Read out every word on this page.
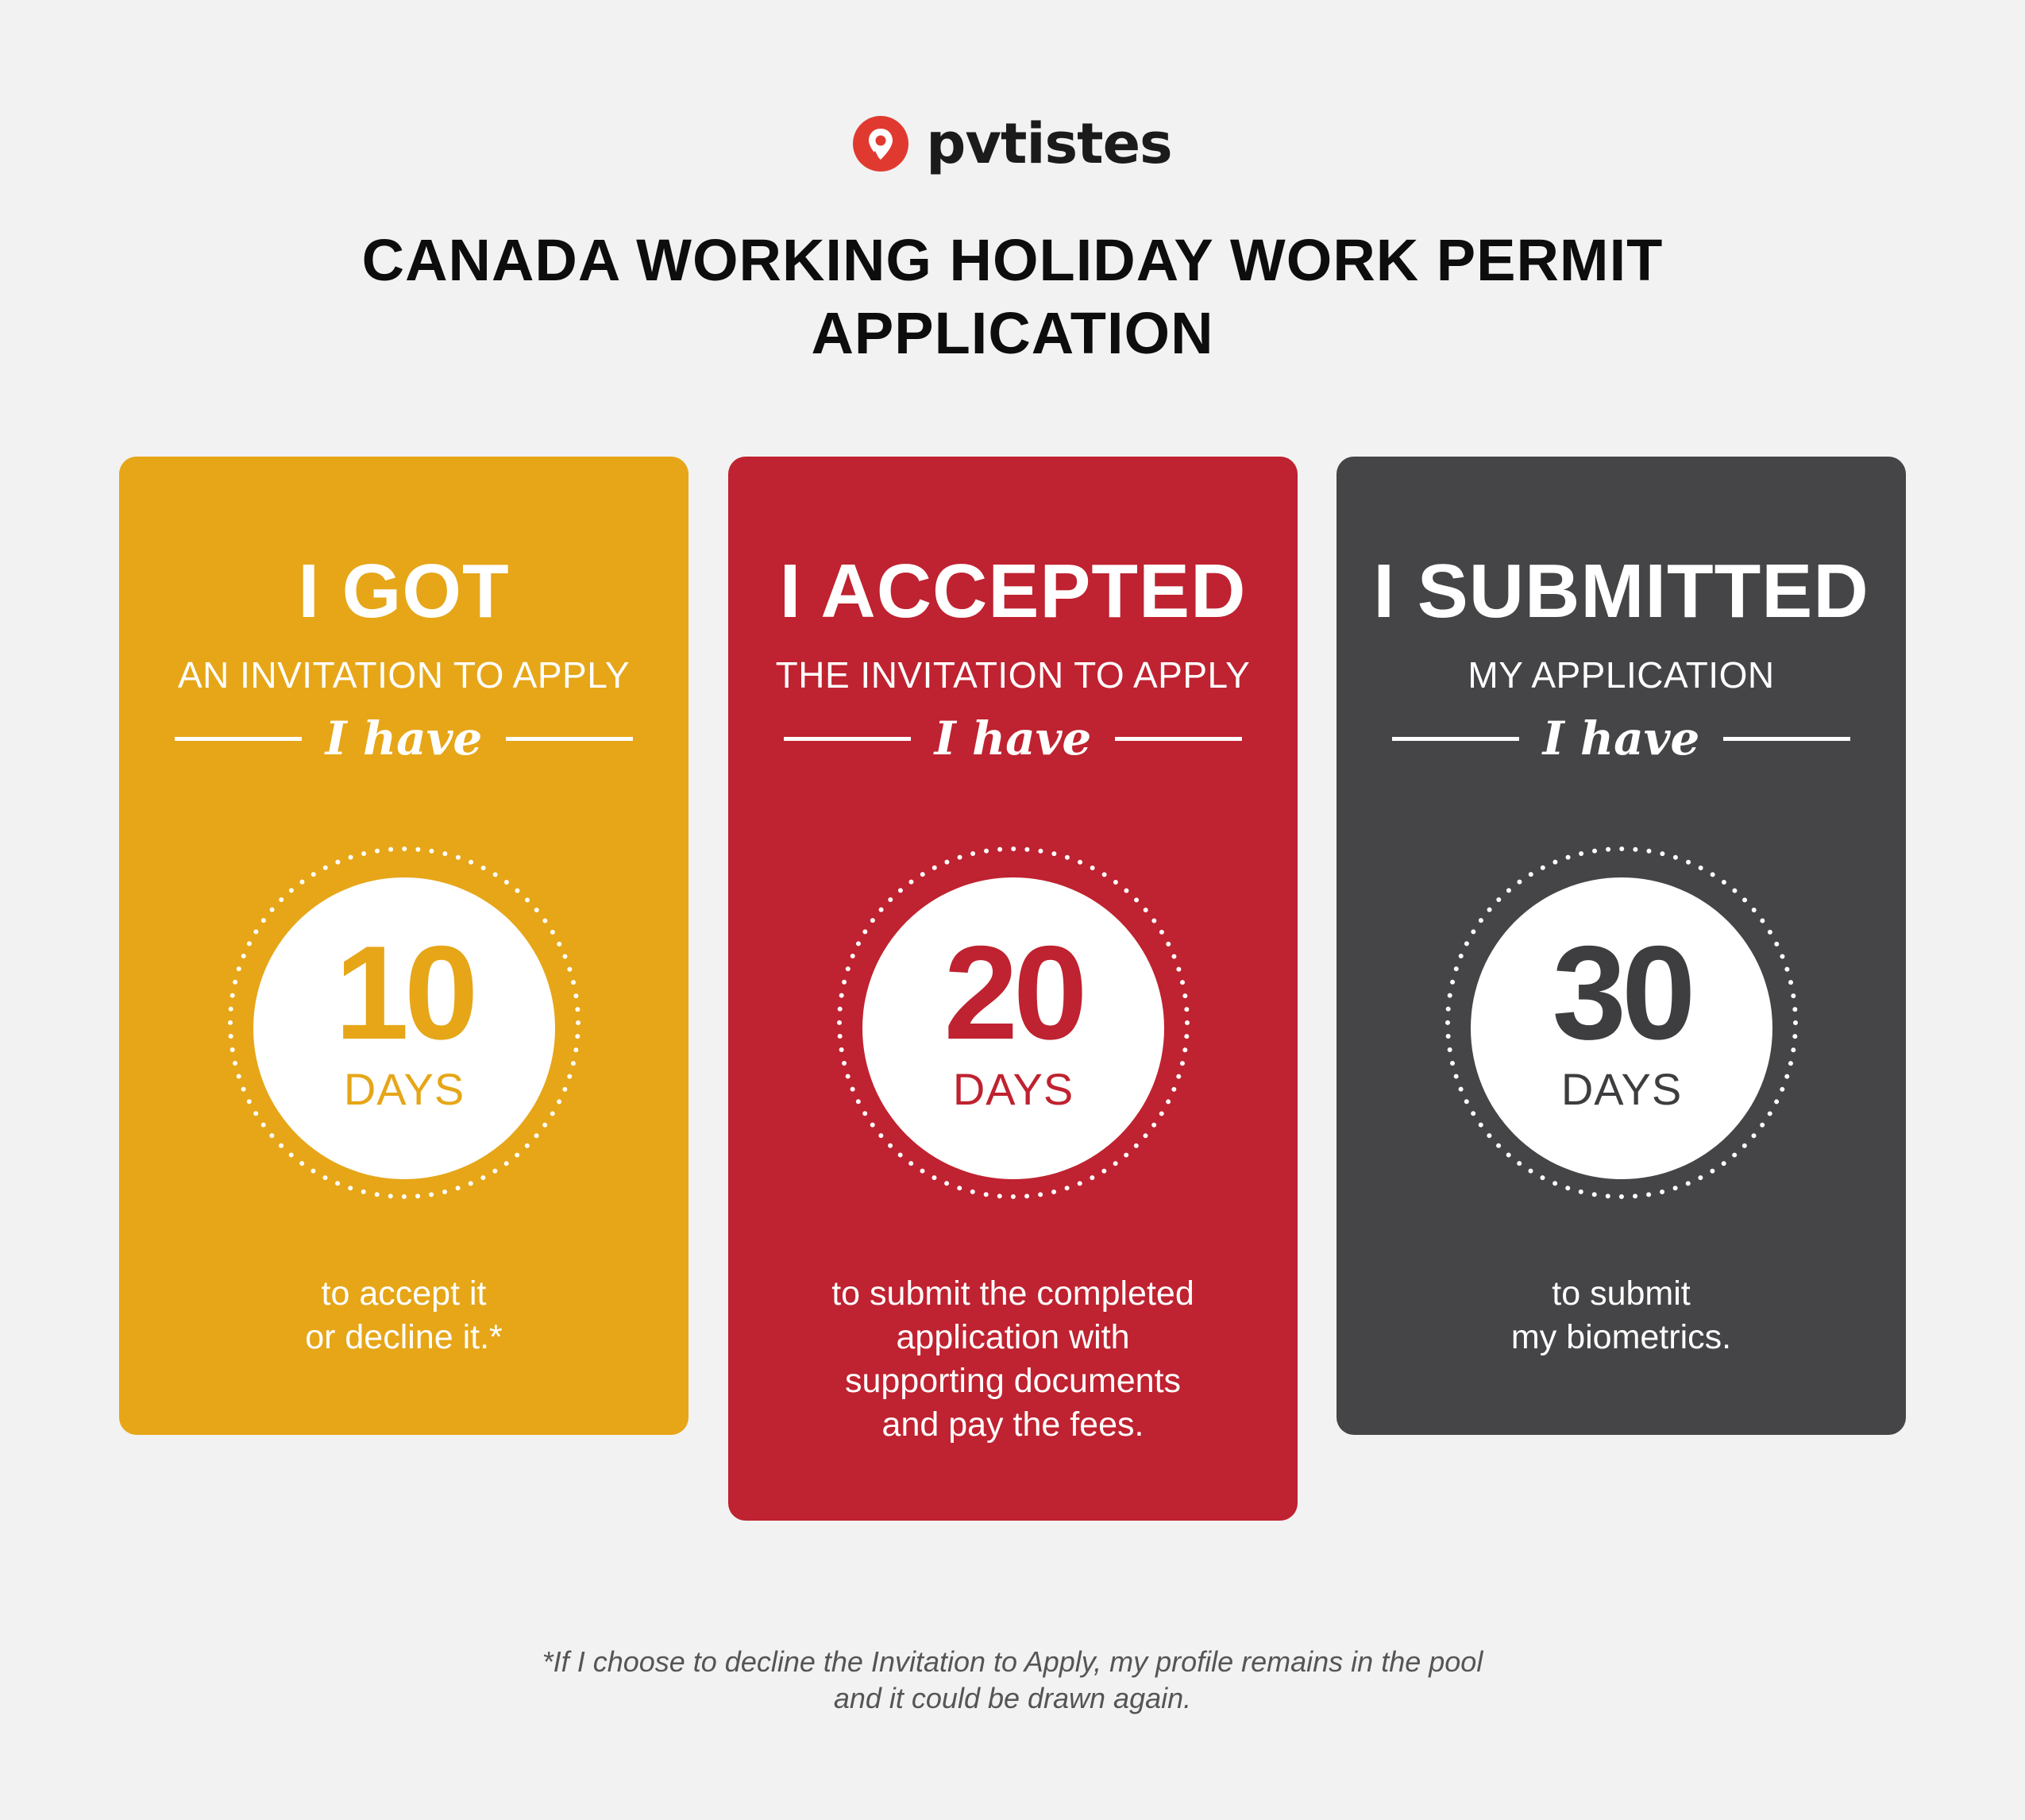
pvtistes
CANADA WORKING HOLIDAY WORK PERMIT
APPLICATION
I GOT
AN INVITATION TO APPLY
I have
10
DAYS
to accept it
or decline it.*
I ACCEPTED
THE INVITATION TO APPLY
I have
20
DAYS
to submit the completed
application with
supporting documents
and pay the fees.
I SUBMITTED
MY APPLICATION
I have
30
DAYS
to submit
my biometrics.
*If I choose to decline the Invitation to Apply, my profile remains in the pool
and it could be drawn again.
